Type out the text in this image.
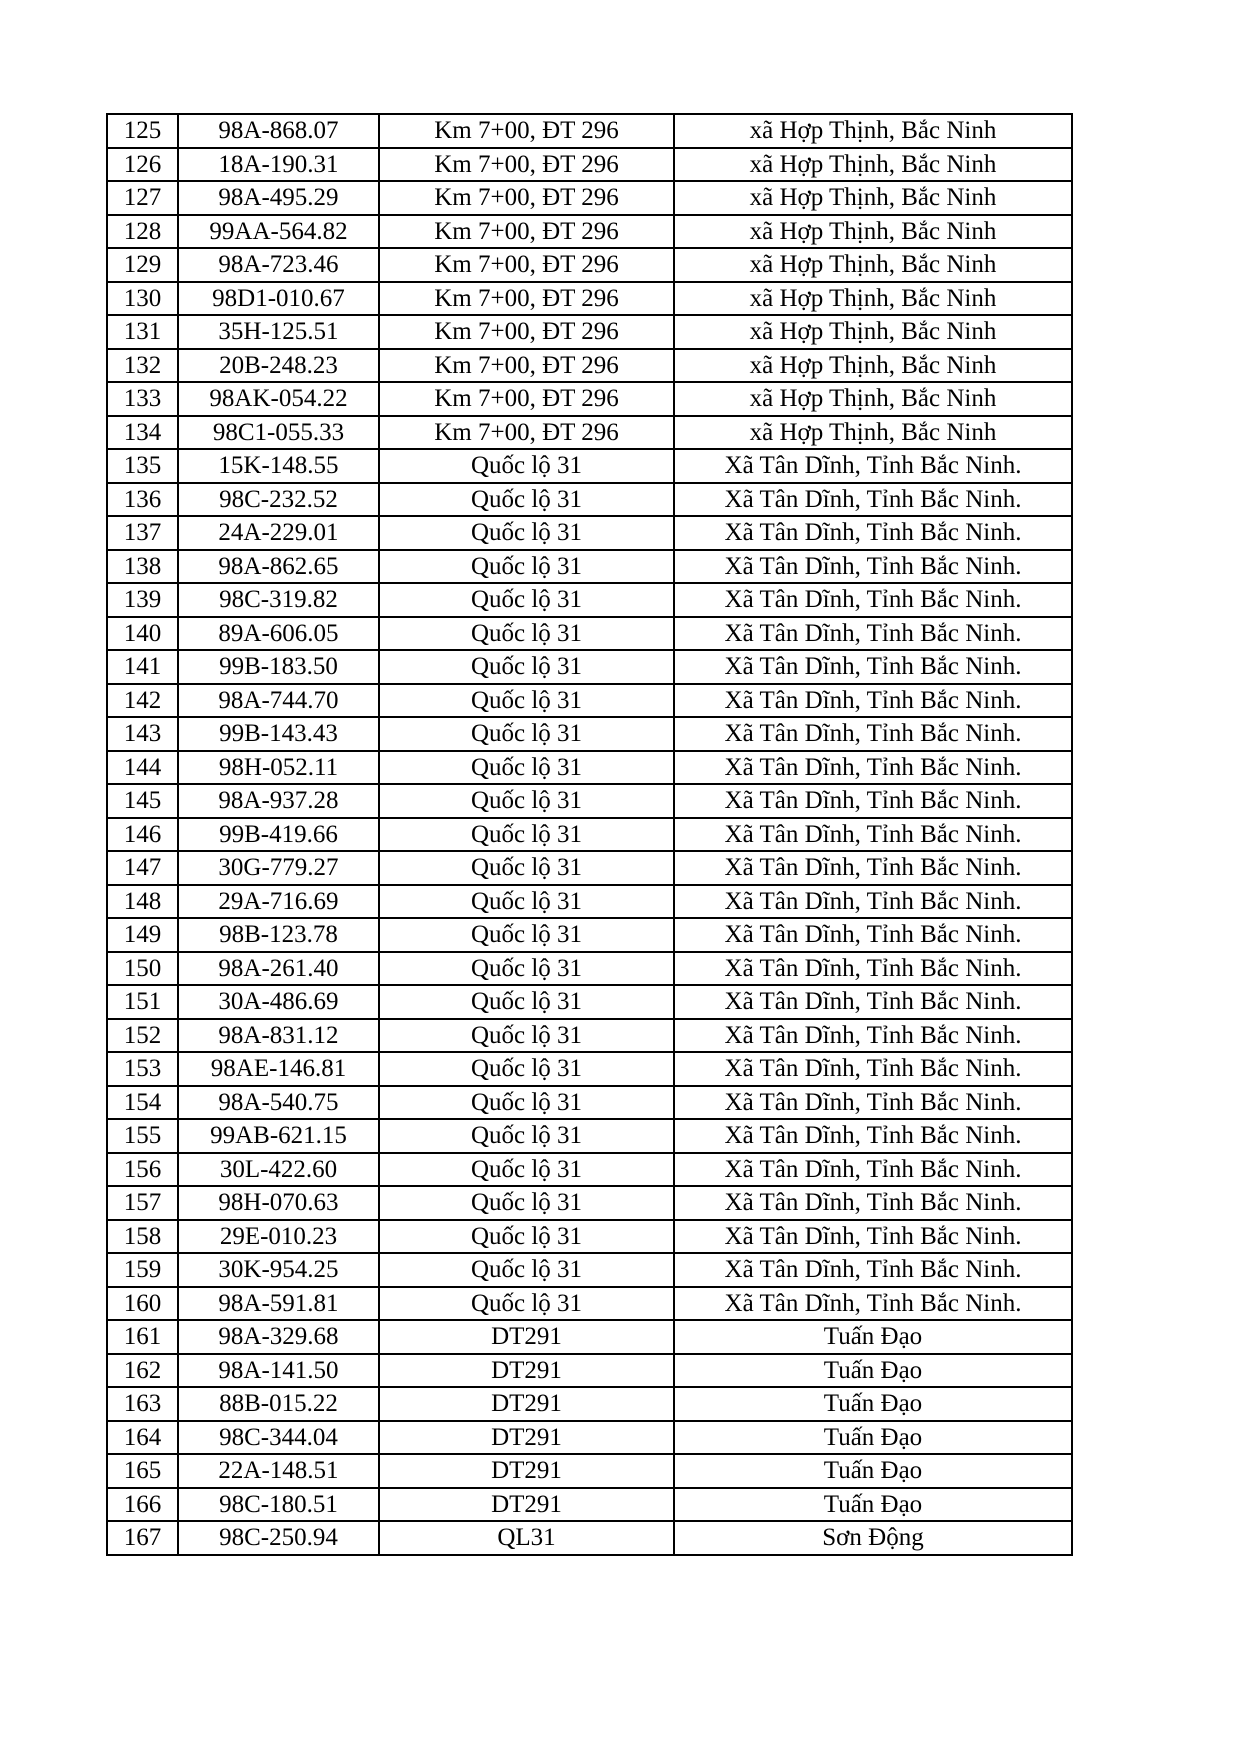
125	98A-868.07	Km 7+00, ĐT 296	xã Hợp Thịnh, Bắc Ninh
126	18A-190.31	Km 7+00, ĐT 296	xã Hợp Thịnh, Bắc Ninh
127	98A-495.29	Km 7+00, ĐT 296	xã Hợp Thịnh, Bắc Ninh
128	99AA-564.82	Km 7+00, ĐT 296	xã Hợp Thịnh, Bắc Ninh
129	98A-723.46	Km 7+00, ĐT 296	xã Hợp Thịnh, Bắc Ninh
130	98D1-010.67	Km 7+00, ĐT 296	xã Hợp Thịnh, Bắc Ninh
131	35H-125.51	Km 7+00, ĐT 296	xã Hợp Thịnh, Bắc Ninh
132	20B-248.23	Km 7+00, ĐT 296	xã Hợp Thịnh, Bắc Ninh
133	98AK-054.22	Km 7+00, ĐT 296	xã Hợp Thịnh, Bắc Ninh
134	98C1-055.33	Km 7+00, ĐT 296	xã Hợp Thịnh, Bắc Ninh
135	15K-148.55	Quốc lộ 31	Xã Tân Dĩnh, Tỉnh Bắc Ninh.
136	98C-232.52	Quốc lộ 31	Xã Tân Dĩnh, Tỉnh Bắc Ninh.
137	24A-229.01	Quốc lộ 31	Xã Tân Dĩnh, Tỉnh Bắc Ninh.
138	98A-862.65	Quốc lộ 31	Xã Tân Dĩnh, Tỉnh Bắc Ninh.
139	98C-319.82	Quốc lộ 31	Xã Tân Dĩnh, Tỉnh Bắc Ninh.
140	89A-606.05	Quốc lộ 31	Xã Tân Dĩnh, Tỉnh Bắc Ninh.
141	99B-183.50	Quốc lộ 31	Xã Tân Dĩnh, Tỉnh Bắc Ninh.
142	98A-744.70	Quốc lộ 31	Xã Tân Dĩnh, Tỉnh Bắc Ninh.
143	99B-143.43	Quốc lộ 31	Xã Tân Dĩnh, Tỉnh Bắc Ninh.
144	98H-052.11	Quốc lộ 31	Xã Tân Dĩnh, Tỉnh Bắc Ninh.
145	98A-937.28	Quốc lộ 31	Xã Tân Dĩnh, Tỉnh Bắc Ninh.
146	99B-419.66	Quốc lộ 31	Xã Tân Dĩnh, Tỉnh Bắc Ninh.
147	30G-779.27	Quốc lộ 31	Xã Tân Dĩnh, Tỉnh Bắc Ninh.
148	29A-716.69	Quốc lộ 31	Xã Tân Dĩnh, Tỉnh Bắc Ninh.
149	98B-123.78	Quốc lộ 31	Xã Tân Dĩnh, Tỉnh Bắc Ninh.
150	98A-261.40	Quốc lộ 31	Xã Tân Dĩnh, Tỉnh Bắc Ninh.
151	30A-486.69	Quốc lộ 31	Xã Tân Dĩnh, Tỉnh Bắc Ninh.
152	98A-831.12	Quốc lộ 31	Xã Tân Dĩnh, Tỉnh Bắc Ninh.
153	98AE-146.81	Quốc lộ 31	Xã Tân Dĩnh, Tỉnh Bắc Ninh.
154	98A-540.75	Quốc lộ 31	Xã Tân Dĩnh, Tỉnh Bắc Ninh.
155	99AB-621.15	Quốc lộ 31	Xã Tân Dĩnh, Tỉnh Bắc Ninh.
156	30L-422.60	Quốc lộ 31	Xã Tân Dĩnh, Tỉnh Bắc Ninh.
157	98H-070.63	Quốc lộ 31	Xã Tân Dĩnh, Tỉnh Bắc Ninh.
158	29E-010.23	Quốc lộ 31	Xã Tân Dĩnh, Tỉnh Bắc Ninh.
159	30K-954.25	Quốc lộ 31	Xã Tân Dĩnh, Tỉnh Bắc Ninh.
160	98A-591.81	Quốc lộ 31	Xã Tân Dĩnh, Tỉnh Bắc Ninh.
161	98A-329.68	DT291	Tuấn Đạo
162	98A-141.50	DT291	Tuấn Đạo
163	88B-015.22	DT291	Tuấn Đạo
164	98C-344.04	DT291	Tuấn Đạo
165	22A-148.51	DT291	Tuấn Đạo
166	98C-180.51	DT291	Tuấn Đạo
167	98C-250.94	QL31	Sơn Động
